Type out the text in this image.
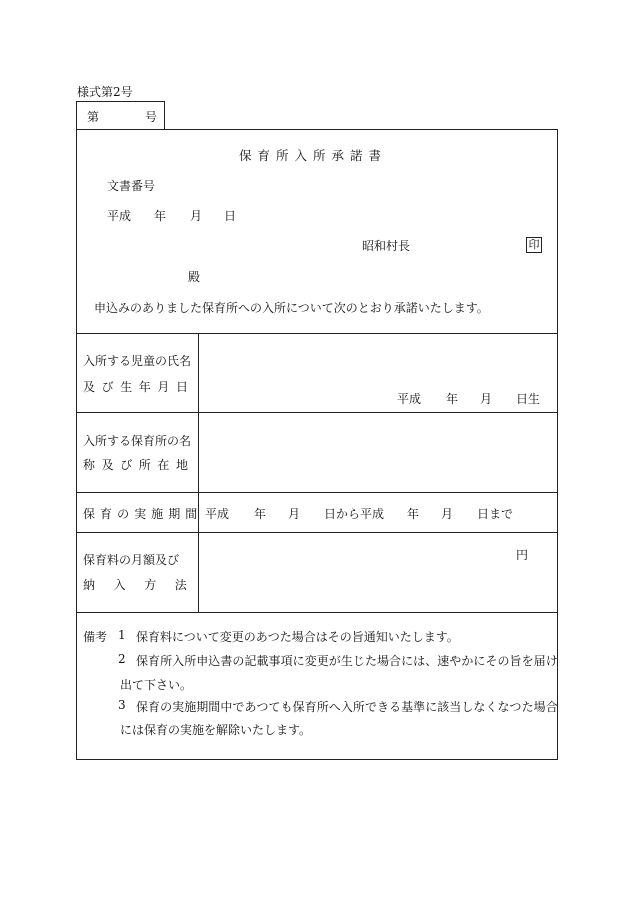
様式第2号
第	号
保育所入所承諾書
文書番号
平成 年 月 日
昭和村長	印
殿
申込みのありました保育所への入所について次のとおり承諾いたします。
入所する児童の氏名
及び生年月日
平成 年 月 日生
入所する保育所の名
称及び所在地
保育の実施期間 平成 年 月 日から平成 年 月 日まで
保育料の月額及び
納入方法
円
備考 1 保育料について変更のあつた場合はその旨通知いたします。
2 保育所入所申込書の記載事項に変更が生じた場合には、速やかにその旨を届け
出て下さい。
3 保育の実施期間中であつても保育所へ入所できる基準に該当しなくなつた場合
には保育の実施を解除いたします。
